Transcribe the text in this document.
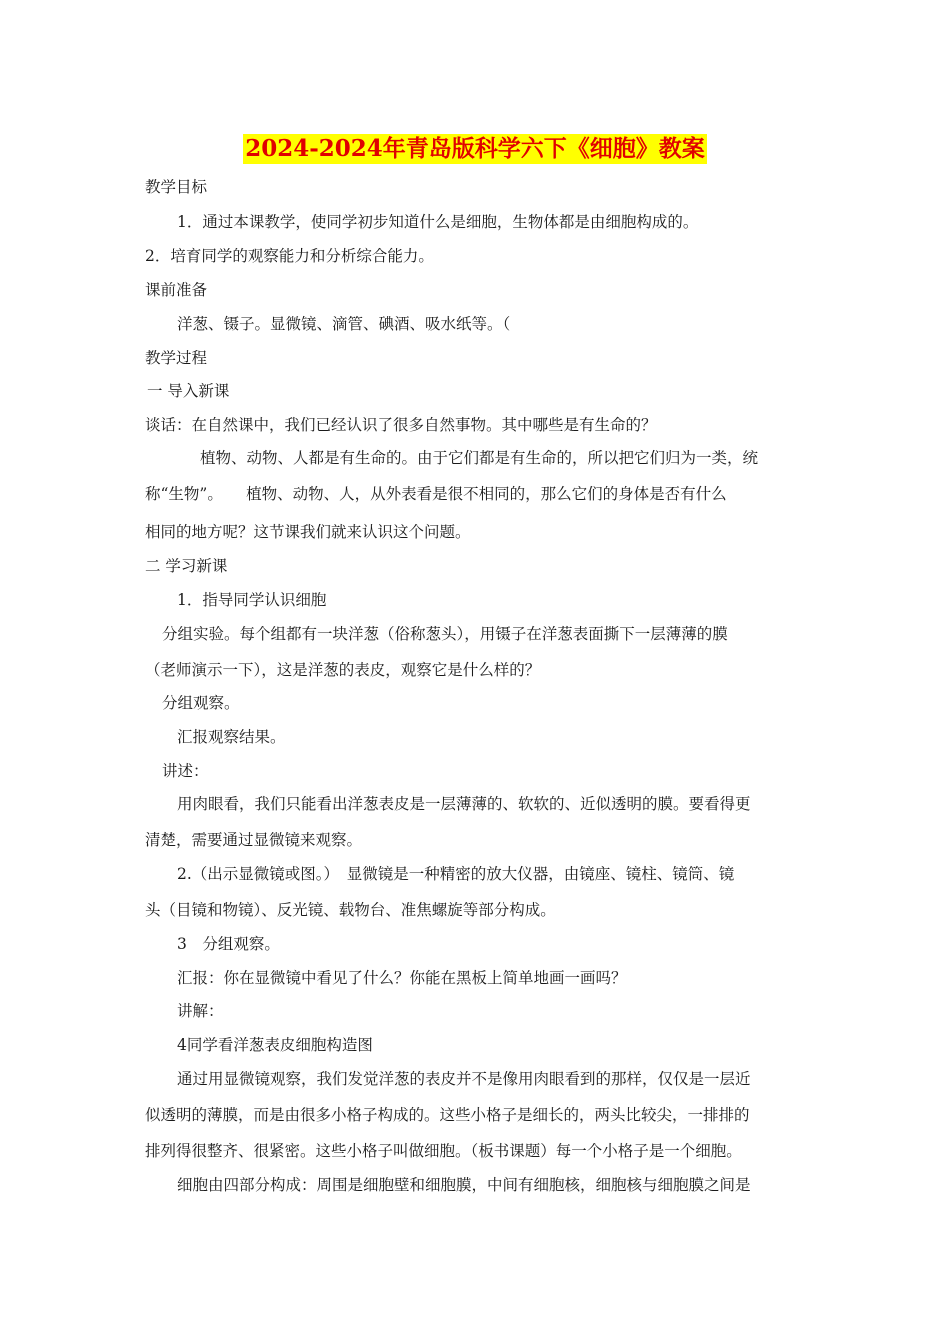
2024-2024年青岛版科学六下《细胞》教案
教学目标
1．通过本课教学，使同学初步知道什么是细胞，生物体都是由细胞构成的。
2．培育同学的观察能力和分析综合能力。
课前准备
洋葱、镊子。显微镜、滴管、碘酒、吸水纸等。（
教学过程
一 导入新课
谈话：在自然课中，我们已经认识了很多自然事物。其中哪些是有生命的？
植物、动物、人都是有生命的。由于它们都是有生命的，所以把它们归为一类，统
称“生物”。　　植物、动物、人，从外表看是很不相同的，那么它们的身体是否有什么
相同的地方呢？这节课我们就来认识这个问题。
二 学习新课
1．指导同学认识细胞
分组实验。每个组都有一块洋葱（俗称葱头），用镊子在洋葱表面撕下一层薄薄的膜
（老师演示一下），这是洋葱的表皮，观察它是什么样的？
分组观察。
汇报观察结果。
讲述：
用肉眼看，我们只能看出洋葱表皮是一层薄薄的、软软的、近似透明的膜。要看得更
清楚，需要通过显微镜来观察。
2.（出示显微镜或图。）　显微镜是一种精密的放大仪器，由镜座、镜柱、镜筒、镜
头（目镜和物镜）、反光镜、载物台、准焦螺旋等部分构成。
3　分组观察。
汇报：你在显微镜中看见了什么？你能在黑板上简单地画一画吗？
讲解：
4同学看洋葱表皮细胞构造图
通过用显微镜观察，我们发觉洋葱的表皮并不是像用肉眼看到的那样，仅仅是一层近
似透明的薄膜，而是由很多小格子构成的。这些小格子是细长的，两头比较尖，一排排的
排列得很整齐、很紧密。这些小格子叫做细胞。（板书课题）每一个小格子是一个细胞。
细胞由四部分构成：周围是细胞壁和细胞膜，中间有细胞核，细胞核与细胞膜之间是
